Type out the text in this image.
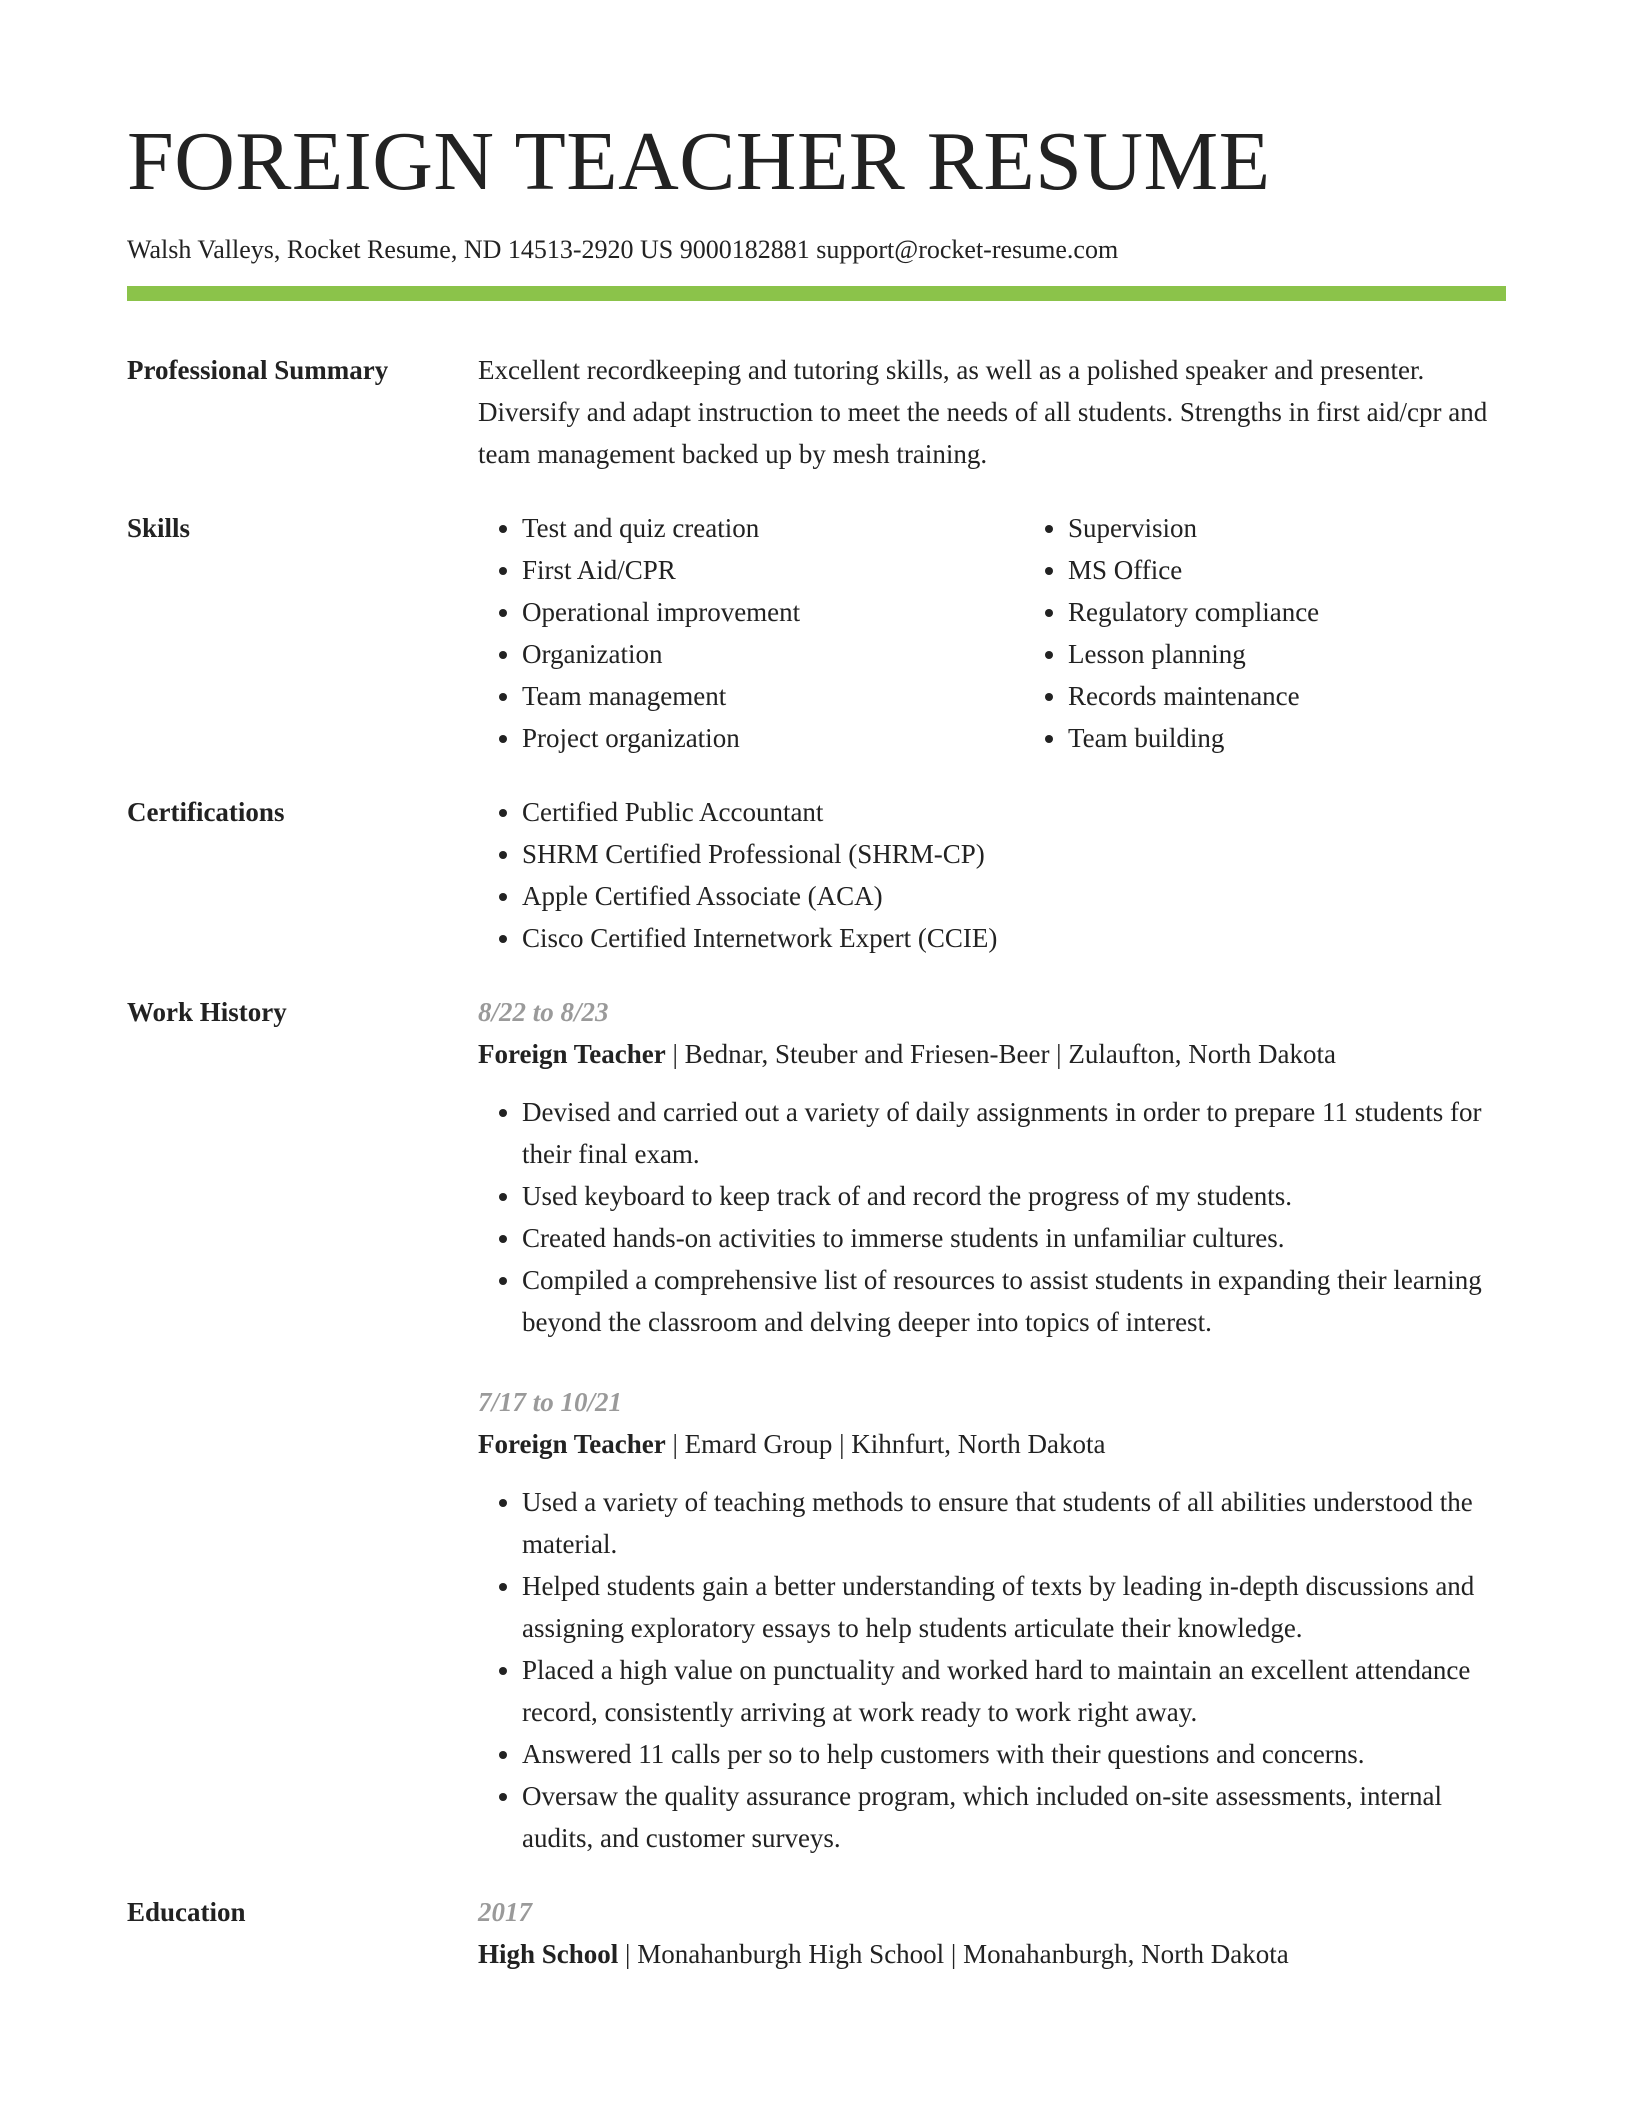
FOREIGN TEACHER RESUME
Walsh Valleys, Rocket Resume, ND 14513-2920 US 9000182881 support@rocket-resume.com
Professional Summary	Excellent recordkeeping and tutoring skills, as well as a polished speaker and presenter. Diversify and adapt instruction to meet the needs of all students. Strengths in first aid/cpr and team management backed up by mesh training.

Skills	• Test and quiz creation
• First Aid/CPR
• Operational improvement
• Organization
• Team management
• Project organization
• Supervision
• MS Office
• Regulatory compliance
• Lesson planning
• Records maintenance
• Team building
Certifications	• Certified Public Accountant
• SHRM Certified Professional (SHRM-CP)
• Apple Certified Associate (ACA)
• Cisco Certified Internetwork Expert (CCIE)
Work History	8/22 to 8/23
Foreign Teacher | Bednar, Steuber and Friesen-Beer | Zulaufton, North Dakota
• Devised and carried out a variety of daily assignments in order to prepare 11 students for their final exam.
• Used keyboard to keep track of and record the progress of my students.
• Created hands-on activities to immerse students in unfamiliar cultures.
• Compiled a comprehensive list of resources to assist students in expanding their learning beyond the classroom and delving deeper into topics of interest.
7/17 to 10/21
Foreign Teacher | Emard Group | Kihnfurt, North Dakota
• Used a variety of teaching methods to ensure that students of all abilities understood the material.
• Helped students gain a better understanding of texts by leading in-depth discussions and assigning exploratory essays to help students articulate their knowledge.
• Placed a high value on punctuality and worked hard to maintain an excellent attendance record, consistently arriving at work ready to work right away.
• Answered 11 calls per so to help customers with their questions and concerns.
• Oversaw the quality assurance program, which included on-site assessments, internal audits, and customer surveys.
Education	2017
High School | Monahanburgh High School | Monahanburgh, North Dakota
